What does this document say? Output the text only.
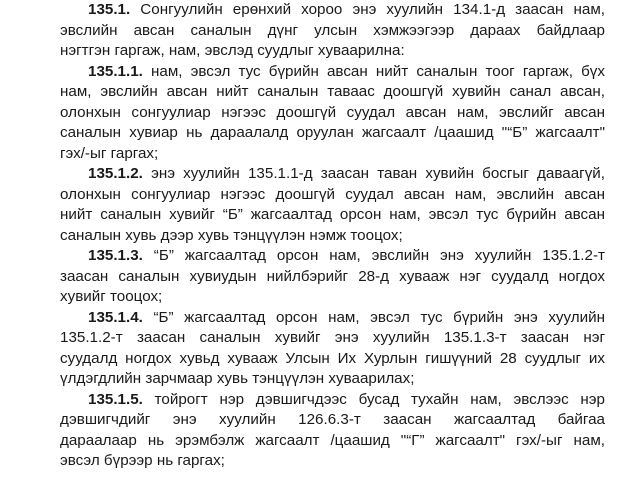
135.1. Сонгуулийн ерөнхий хороо энэ хуулийн 134.1-д заасан нам,
эвслийн авсан саналын дүнг улсын хэмжээгээр дараах байдлаар
нэгтгэн гаргаж, нам, эвслэд суудлыг хуваарилна:
135.1.1. нам, эвсэл тус бүрийн авсан нийт саналын тоог гаргаж, бүх
нам, эвслийн авсан нийт саналын таваас доошгүй хувийн санал авсан,
олонхын сонгуулиар нэгээс доошгүй суудал авсан нам, эвслийг авсан
саналын хувиар нь дараалалд оруулан жагсаалт /цаашид "“Б” жагсаалт"
гэх/-ыг гаргах;
135.1.2. энэ хуулийн 135.1.1-д заасан таван хувийн босгыг даваагүй,
олонхын сонгуулиар нэгээс доошгүй суудал авсан нам, эвслийн авсан
нийт саналын хувийг “Б” жагсаалтад орсон нам, эвсэл тус бүрийн авсан
саналын хувь дээр хувь тэнцүүлэн нэмж тооцох;
135.1.3. “Б” жагсаалтад орсон нам, эвслийн энэ хуулийн 135.1.2-т
заасан саналын хувиудын нийлбэрийг 28-д хувааж нэг суудалд ногдох
хувийг тооцох;
135.1.4. “Б” жагсаалтад орсон нам, эвсэл тус бүрийн энэ хуулийн
135.1.2-т заасан саналын хувийг энэ хуулийн 135.1.3-т заасан нэг
суудалд ногдох хувьд хувааж Улсын Их Хурлын гишүүний 28 суудлыг их
үлдэгдлийн зарчмаар хувь тэнцүүлэн хуваарилах;
135.1.5. тойрогт нэр дэвшигчдээс бусад тухайн нам, эвслээс нэр
дэвшигчдийг энэ хуулийн 126.6.3-т заасан жагсаалтад байгаа
дараалаар нь эрэмбэлж жагсаалт /цаашид "“Г” жагсаалт" гэх/-ыг нам,
эвсэл бүрээр нь гаргах;
